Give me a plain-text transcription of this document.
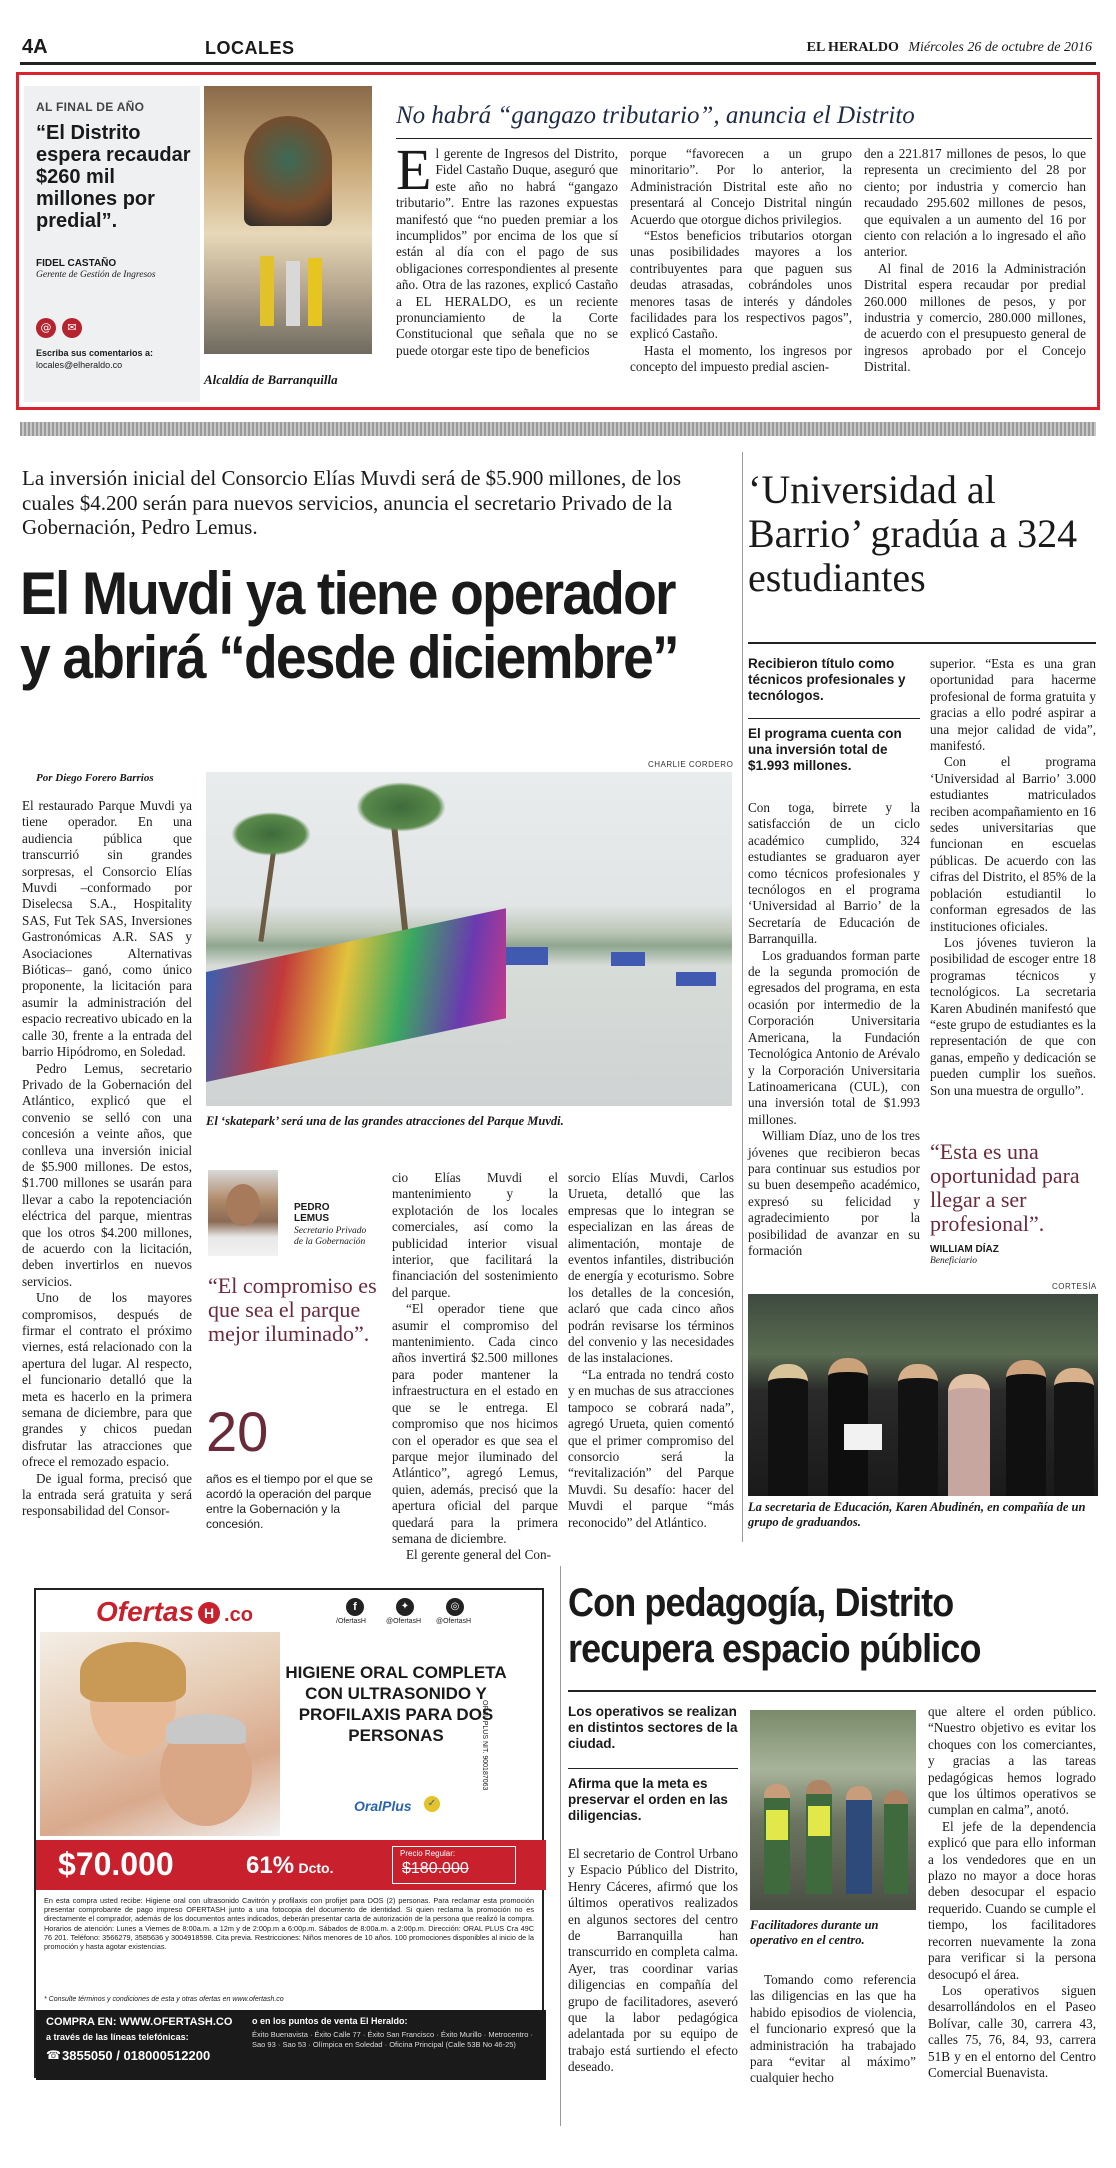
4A	LOCALES	EL HERALDO Miércoles 26 de octubre de 2016
AL FINAL DE AÑO
“El Distrito espera recaudar $260 mil millones por predial”.
FIDEL CASTAÑO
Gerente de Gestión de Ingresos
@	✉
Escriba sus comentarios a:
locales@elheraldo.co
Alcaldía de Barranquilla
No habrá “gangazo tributario”, anuncia el Distrito
El gerente de Ingresos del Distrito, Fidel Castaño Duque, aseguró que este año no habrá “gangazo tributario”. Entre las razones expuestas manifestó que “no pueden premiar a los incumplidos” por encima de los que sí están al día con el pago de sus obligaciones correspondientes al presente año. Otra de las razones, explicó Castaño a EL HERALDO, es un reciente pronunciamiento de la Corte Constitucional que señala que no se puede otorgar este tipo de beneficios

porque “favorecen a un grupo minoritario”. Por lo anterior, la Administración Distrital este año no presentará al Concejo Distrital ningún Acuerdo que otorgue dichos privilegios.

“Estos beneficios tributarios otorgan unas posibilidades mayores a los contribuyentes para que paguen sus deudas atrasadas, cobrándoles unos menores tasas de interés y dándoles facilidades para los respectivos pagos”, explicó Castaño.

Hasta el momento, los ingresos por concepto del impuesto predial ascien-

den a 221.817 millones de pesos, lo que representa un crecimiento del 28 por ciento; por industria y comercio han recaudado 295.602 millones de pesos, que equivalen a un aumento del 16 por ciento con relación a lo ingresado el año anterior.

Al final de 2016 la Administración Distrital espera recaudar por predial 260.000 millones de pesos, y por industria y comercio, 280.000 millones, de acuerdo con el presupuesto general de ingresos aprobado por el Concejo Distrital.

La inversión inicial del Consorcio Elías Muvdi será de $5.900 millones, de los cuales $4.200 serán para nuevos servicios, anuncia el secretario Privado de la Gobernación, Pedro Lemus.
El Muvdi ya tiene operador y abrirá “desde diciembre”
Por Diego Forero Barrios
CHARLIE CORDERO
El ‘skatepark’ será una de las grandes atracciones del Parque Muvdi.

El restaurado Parque Muvdi ya tiene operador. En una audiencia pública que transcurrió sin grandes sorpresas, el Consorcio Elías Muvdi –conformado por Diselecsa S.A., Hospitality SAS, Fut Tek SAS, Inversiones Gastronómicas A.R. SAS y Asociaciones Alternativas Bióticas– ganó, como único proponente, la licitación para asumir la administración del espacio recreativo ubicado en la calle 30, frente a la entrada del barrio Hipódromo, en Soledad.

Pedro Lemus, secretario Privado de la Gobernación del Atlántico, explicó que el convenio se selló con una concesión a veinte años, que conlleva una inversión inicial de $5.900 millones. De estos, $1.700 millones se usarán para llevar a cabo la repotenciación eléctrica del parque, mientras que los otros $4.200 millones, de acuerdo con la licitación, deben invertirlos en nuevos servicios.

Uno de los mayores compromisos, después de firmar el contrato el próximo viernes, está relacionado con la apertura del lugar. Al respecto, el funcionario detalló que la meta es hacerlo en la primera semana de diciembre, para que grandes y chicos puedan disfrutar las atracciones que ofrece el remozado espacio.

De igual forma, precisó que la entrada será gratuita y será responsabilidad del Consor-

PEDRO LEMUS
Secretario Privado de la Gobernación
“El compromiso es que sea el parque mejor iluminado”.
20
años es el tiempo por el que se acordó la operación del parque entre la Gobernación y la concesión.

cio Elías Muvdi el mantenimiento y la explotación de los locales comerciales, así como la publicidad interior visual interior, que facilitará la financiación del sostenimiento del parque.

“El operador tiene que asumir el compromiso del mantenimiento. Cada cinco años invertirá $2.500 millones para poder mantener la infraestructura en el estado en que se le entrega. El compromiso que nos hicimos con el operador es que sea el parque mejor iluminado del Atlántico”, agregó Lemus, quien, además, precisó que la apertura oficial del parque quedará para la primera semana de diciembre.

El gerente general del Con-

sorcio Elías Muvdi, Carlos Urueta, detalló que las empresas que lo integran se especializan en las áreas de alimentación, montaje de eventos infantiles, distribución de energía y ecoturismo. Sobre los detalles de la concesión, aclaró que cada cinco años podrán revisarse los términos del convenio y las necesidades de las instalaciones.

“La entrada no tendrá costo y en muchas de sus atracciones tampoco se cobrará nada”, agregó Urueta, quien comentó que el primer compromiso del consorcio será la “revitalización” del Parque Muvdi. Su desafío: hacer del Muvdi el parque “más reconocido” del Atlántico.

‘Universidad al Barrio’ gradúa a 324 estudiantes
Recibieron título como técnicos profesionales y tecnólogos.
El programa cuenta con una inversión total de $1.993 millones.

Con toga, birrete y la satisfacción de un ciclo académico cumplido, 324 estudiantes se graduaron ayer como técnicos profesionales y tecnólogos en el programa ‘Universidad al Barrio’ de la Secretaría de Educación de Barranquilla.

Los graduandos forman parte de la segunda promoción de egresados del programa, en esta ocasión por intermedio de la Corporación Universitaria Americana, la Fundación Tecnológica Antonio de Arévalo y la Corporación Universitaria Latinoamericana (CUL), con una inversión total de $1.993 millones.

William Díaz, uno de los tres jóvenes que recibieron becas para continuar sus estudios por su buen desempeño académico, expresó su felicidad y agradecimiento por la posibilidad de avanzar en su formación

superior. “Esta es una gran oportunidad para hacerme profesional de forma gratuita y gracias a ello podré aspirar a una mejor calidad de vida”, manifestó.

Con el programa ‘Universidad al Barrio’ 3.000 estudiantes matriculados reciben acompañamiento en 16 sedes universitarias que funcionan en escuelas públicas. De acuerdo con las cifras del Distrito, el 85% de la población estudiantil lo conforman egresados de las instituciones oficiales.

Los jóvenes tuvieron la posibilidad de escoger entre 18 programas técnicos y tecnológicos. La secretaria Karen Abudinén manifestó que “este grupo de estudiantes es la representación de que con ganas, empeño y dedicación se pueden cumplir los sueños. Son una muestra de orgullo”.

“Esta es una oportunidad para llegar a ser profesional”.
WILLIAM DÍAZ
Beneficiario
CORTESÍA
La secretaria de Educación, Karen Abudinén, en compañía de un grupo de graduandos.
Ofertas H .co	f
/OfertasH
✦
@OfertasH
◎
@OfertasH
HIGIENE ORAL COMPLETA CON ULTRASONIDO Y PROFILAXIS PARA DOS PERSONAS
OralPlus	✓
$70.000	61% Dcto.
Precio Regular:
$180.000
En esta compra usted recibe: Higiene oral con ultrasonido Cavitrón y profilaxis con profijet para DOS (2) personas. Para reclamar esta promoción presentar comprobante de pago impreso OFERTASH junto a una fotocopia del documento de identidad. Si quien reclama la promoción no es directamente el comprador, además de los documentos antes indicados, deberán presentar carta de autorización de la persona que realizó la compra. Horarios de atención: Lunes a Viernes de 8:00a.m. a 12m y de 2:00p.m a 6:00p.m. Sábados de 8:00a.m. a 2:00p.m. Dirección: ORAL PLUS Cra 49C 76 201. Teléfono: 3566279, 3585636 y 3004918598. Cita previa. Restricciones: Niños menores de 10 años. 100 promociones disponibles al inicio de la promoción y hasta agotar existencias.
* Consulte términos y condiciones de esta y otras ofertas en www.ofertash.co
COMPRA EN: WWW.OFERTASH.CO
a través de las líneas telefónicas:
☎ 3855050 / 018000512200
o en los puntos de venta El Heraldo:
Éxito Buenavista · Éxito Calle 77 · Éxito San Francisco · Éxito Murillo · Metrocentro · Sao 93 · Sao 53 · Olímpica en Soledad · Oficina Principal (Calle 53B No 46-25)
ORAL PLUS NIT. 900187063
Con pedagogía, Distrito recupera espacio público
Los operativos se realizan en distintos sectores de la ciudad.
Afirma que la meta es preservar el orden en las diligencias.

El secretario de Control Urbano y Espacio Público del Distrito, Henry Cáceres, afirmó que los últimos operativos realizados en algunos sectores del centro de Barranquilla han transcurrido en completa calma. Ayer, tras coordinar varias diligencias en compañía del grupo de facilitadores, aseveró que la labor pedagógica adelantada por su equipo de trabajo está surtiendo el efecto deseado.

Facilitadores durante un operativo en el centro.

Tomando como referencia las diligencias en las que ha habido episodios de violencia, el funcionario expresó que la administración ha trabajado para “evitar al máximo” cualquier hecho

que altere el orden público. “Nuestro objetivo es evitar los choques con los comerciantes, y gracias a las tareas pedagógicas hemos logrado que los últimos operativos se cumplan en calma”, anotó.

El jefe de la dependencia explicó que para ello informan a los vendedores que en un plazo no mayor a doce horas deben desocupar el espacio requerido. Cuando se cumple el tiempo, los facilitadores recorren nuevamente la zona para verificar si la persona desocupó el área.

Los operativos siguen desarrollándolos en el Paseo Bolívar, calle 30, carrera 43, calles 75, 76, 84, 93, carrera 51B y en el entorno del Centro Comercial Buenavista.
